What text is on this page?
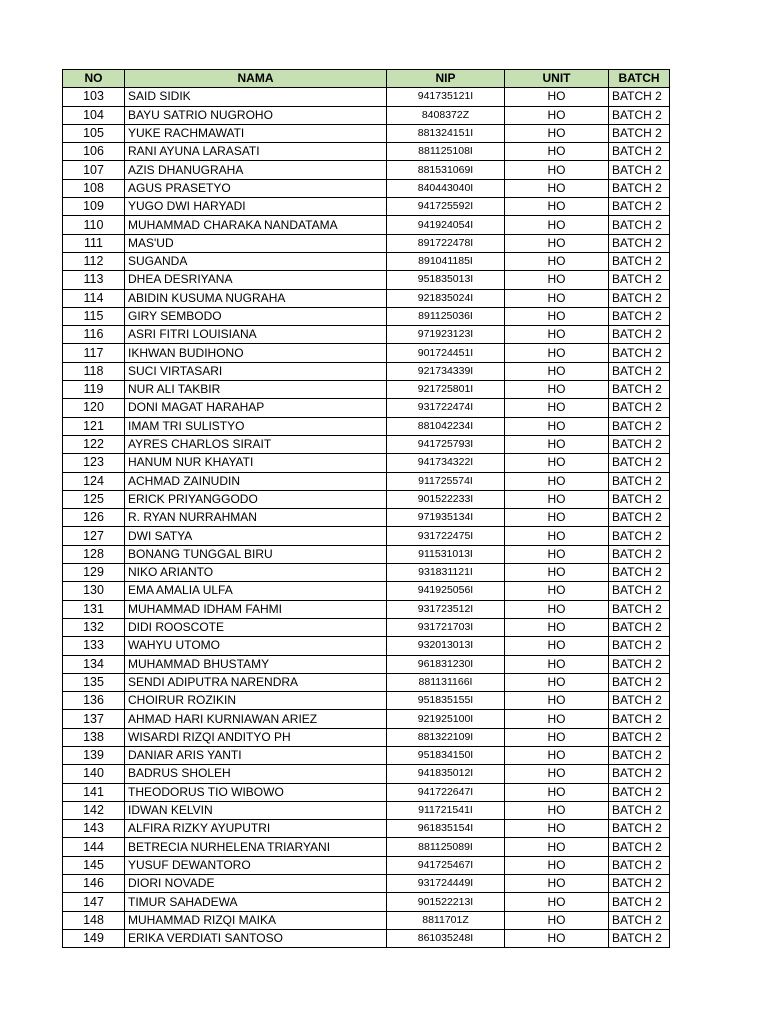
NO	NAMA	NIP	UNIT	BATCH
103	SAID SIDIK	941735121I	HO	BATCH 2
104	BAYU SATRIO NUGROHO	8408372Z	HO	BATCH 2
105	YUKE RACHMAWATI	881324151I	HO	BATCH 2
106	RANI AYUNA LARASATI	881125108I	HO	BATCH 2
107	AZIS DHANUGRAHA	881531069I	HO	BATCH 2
108	AGUS PRASETYO	840443040I	HO	BATCH 2
109	YUGO DWI HARYADI	941725592I	HO	BATCH 2
110	MUHAMMAD CHARAKA NANDATAMA	941924054I	HO	BATCH 2
111	MAS'UD	891722478I	HO	BATCH 2
112	SUGANDA	891041185I	HO	BATCH 2
113	DHEA DESRIYANA	951835013I	HO	BATCH 2
114	ABIDIN KUSUMA NUGRAHA	921835024I	HO	BATCH 2
115	GIRY SEMBODO	891125036I	HO	BATCH 2
116	ASRI FITRI LOUISIANA	971923123I	HO	BATCH 2
117	IKHWAN BUDIHONO	901724451I	HO	BATCH 2
118	SUCI VIRTASARI	921734339I	HO	BATCH 2
119	NUR ALI TAKBIR	921725801I	HO	BATCH 2
120	DONI MAGAT HARAHAP	931722474I	HO	BATCH 2
121	IMAM TRI SULISTYO	881042234I	HO	BATCH 2
122	AYRES CHARLOS SIRAIT	941725793I	HO	BATCH 2
123	HANUM NUR KHAYATI	941734322I	HO	BATCH 2
124	ACHMAD ZAINUDIN	911725574I	HO	BATCH 2
125	ERICK PRIYANGGODO	901522233I	HO	BATCH 2
126	R. RYAN NURRAHMAN	971935134I	HO	BATCH 2
127	DWI SATYA	931722475I	HO	BATCH 2
128	BONANG TUNGGAL BIRU	911531013I	HO	BATCH 2
129	NIKO ARIANTO	931831121I	HO	BATCH 2
130	EMA AMALIA ULFA	941925056I	HO	BATCH 2
131	MUHAMMAD IDHAM FAHMI	931723512I	HO	BATCH 2
132	DIDI ROOSCOTE	931721703I	HO	BATCH 2
133	WAHYU UTOMO	932013013I	HO	BATCH 2
134	MUHAMMAD BHUSTAMY	961831230I	HO	BATCH 2
135	SENDI ADIPUTRA NARENDRA	881131166I	HO	BATCH 2
136	CHOIRUR ROZIKIN	951835155I	HO	BATCH 2
137	AHMAD HARI KURNIAWAN ARIEZ	921925100I	HO	BATCH 2
138	WISARDI RIZQI ANDITYO PH	881322109I	HO	BATCH 2
139	DANIAR ARIS YANTI	951834150I	HO	BATCH 2
140	BADRUS SHOLEH	941835012I	HO	BATCH 2
141	THEODORUS TIO WIBOWO	941722647I	HO	BATCH 2
142	IDWAN KELVIN	911721541I	HO	BATCH 2
143	ALFIRA RIZKY AYUPUTRI	961835154I	HO	BATCH 2
144	BETRECIA NURHELENA TRIARYANI	881125089I	HO	BATCH 2
145	YUSUF DEWANTORO	941725467I	HO	BATCH 2
146	DIORI NOVADE	931724449I	HO	BATCH 2
147	TIMUR SAHADEWA	901522213I	HO	BATCH 2
148	MUHAMMAD RIZQI MAIKA	8811701Z	HO	BATCH 2
149	ERIKA VERDIATI SANTOSO	861035248I	HO	BATCH 2
